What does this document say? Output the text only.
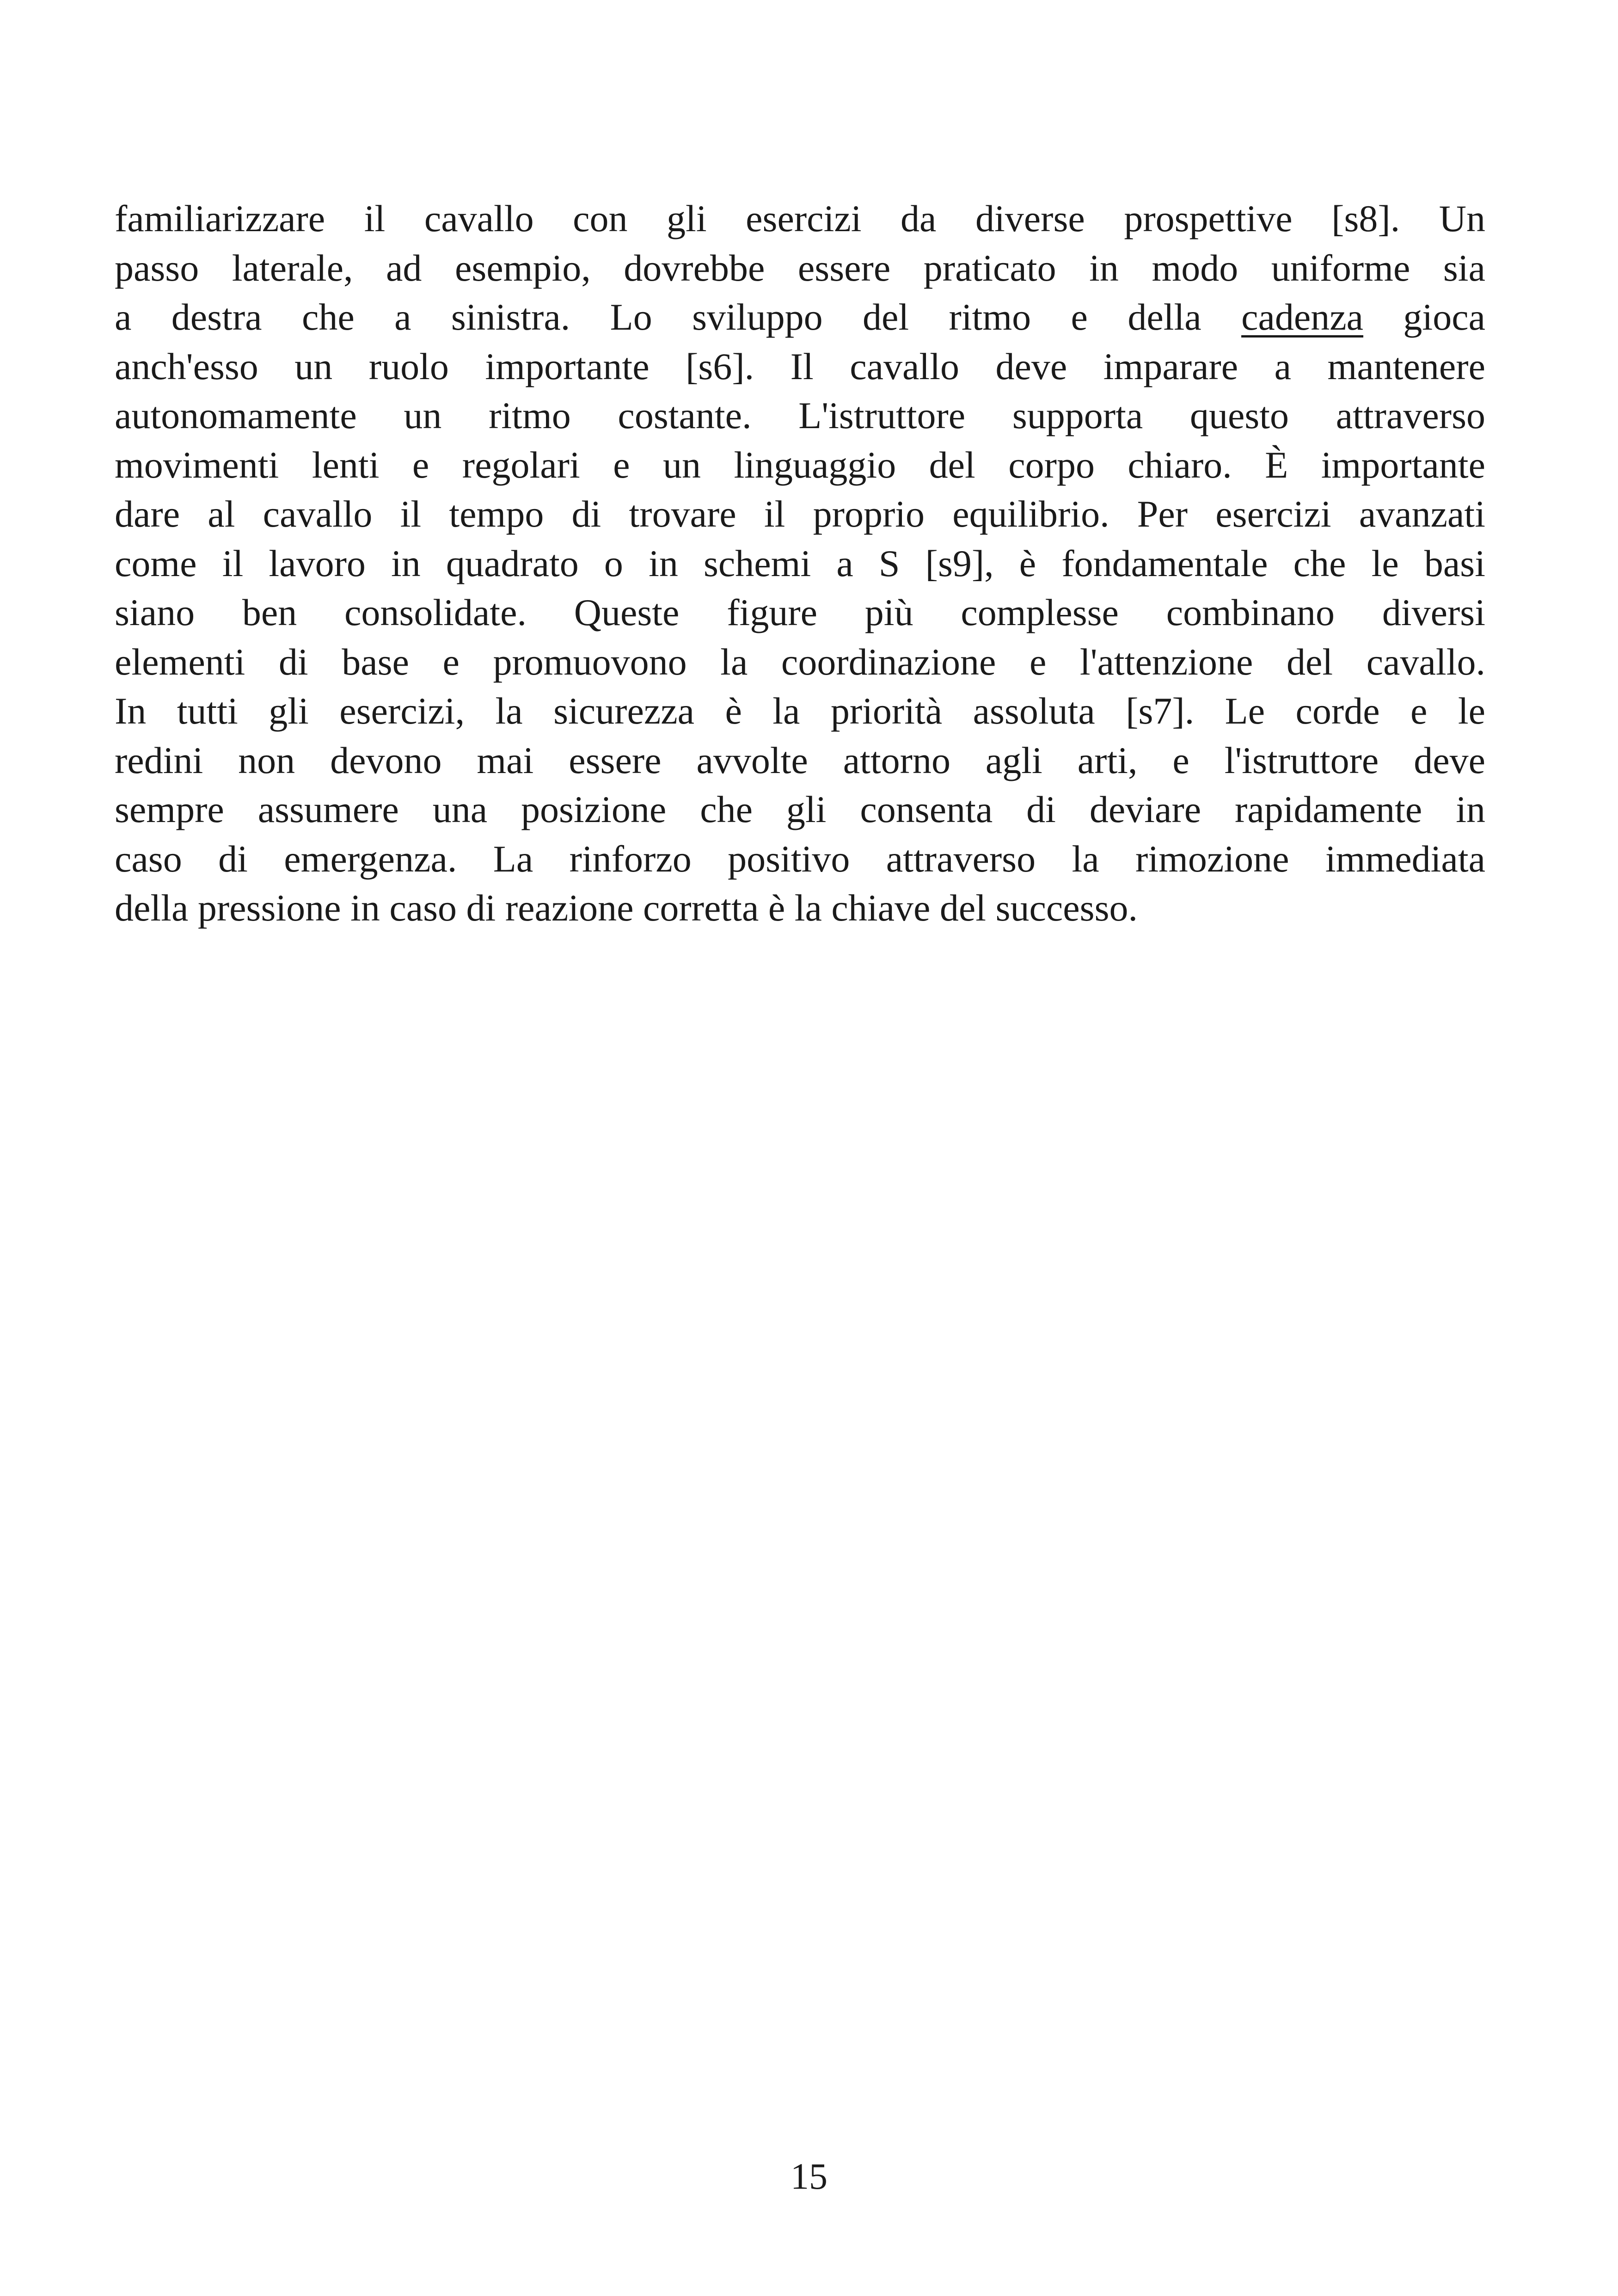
familiarizzare il cavallo con gli esercizi da diverse prospettive [s8]. Un
passo laterale, ad esempio, dovrebbe essere praticato in modo uniforme sia
a destra che a sinistra. Lo sviluppo del ritmo e della cadenza gioca
anch'esso un ruolo importante [s6]. Il cavallo deve imparare a mantenere
autonomamente un ritmo costante. L'istruttore supporta questo attraverso
movimenti lenti e regolari e un linguaggio del corpo chiaro. È importante
dare al cavallo il tempo di trovare il proprio equilibrio. Per esercizi avanzati
come il lavoro in quadrato o in schemi a S [s9], è fondamentale che le basi
siano ben consolidate. Queste figure più complesse combinano diversi
elementi di base e promuovono la coordinazione e l'attenzione del cavallo.
In tutti gli esercizi, la sicurezza è la priorità assoluta [s7]. Le corde e le
redini non devono mai essere avvolte attorno agli arti, e l'istruttore deve
sempre assumere una posizione che gli consenta di deviare rapidamente in
caso di emergenza. La rinforzo positivo attraverso la rimozione immediata
della pressione in caso di reazione corretta è la chiave del successo.

15
